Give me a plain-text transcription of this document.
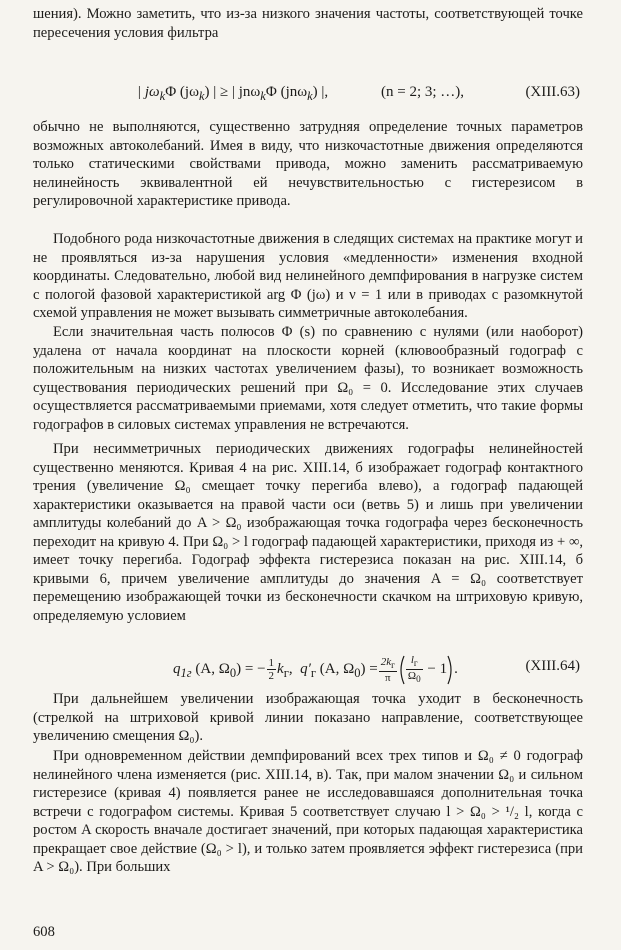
шения). Можно заметить, что из-за низкого значения частоты, соответствующей точке пересечения условия фильтра

| $j\omega_k\Phi$ $(j\omega_k)$ | ≥ | jnω$_k$Φ (jnω$_k$) |,	(n = 2; 3; …),	(XIII.63)

обычно не выполняются, существенно затрудняя определение точных параметров возможных автоколебаний. Имея в виду, что низкочастотные движения определяются только статическими свойствами привода, можно заменить рассматриваемую нелинейность эквивалентной ей нечувствительностью с гистерезисом в регулировочной характеристике привода.

Подобного рода низкочастотные движения в следящих системах на практике могут и не проявляться из-за нарушения условия «медленности» изменения входной координаты. Следовательно, любой вид нелинейного демпфирования в нагрузке систем с пологой фазовой характеристикой arg Φ (jω) и ν = 1 или в приводах с разомкнутой схемой управления не может вызывать симметричные автоколебания.

Если значительная часть полюсов Φ (s) по сравнению с нулями (или наоборот) удалена от начала координат на плоскости корней (клювообразный годограф с положительным на низких частотах увеличением фазы), то возникает возможность существования периодических решений при Ω₀ = 0. Исследование этих случаев осуществляется рассматриваемыми приемами, хотя следует отметить, что такие формы годографов в силовых системах управления не встречаются.

При несимметричных периодических движениях годографы нелинейностей существенно меняются. Кривая 4 на рис. XIII.14, б изображает годограф контактного трения (увеличение Ω₀ смещает точку перегиба влево), а годограф падающей характеристики оказывается на правой части оси (ветвь 5) и лишь при увеличении амплитуды колебаний до A > Ω₀ изображающая точка годографа через бесконечность переходит на кривую 4. При Ω₀ > l годограф падающей характеристики, приходя из + ∞, имеет точку перегиба. Годограф эффекта гистерезиса показан на рис. XIII.14, б кривыми 6, причем увеличение амплитуды до значения A = Ω₀ соответствует перемещению изображающей точки из бесконечности скачком на штриховую кривую, определяемую условием

$q_{1г}$ (A, $\Omega_0$) = − $\frac{1}{2} k_г$, $q'_г$ (A, $\Omega_0) = \frac{2k_г}{\pi} \frac{l_г}{\Omega_0} - 1$ .	(XIII.64)

При дальнейшем увеличении изображающая точка уходит в бесконечность (стрелкой на штриховой кривой линии показано направление, соответствующее увеличению смещения Ω₀).

При одновременном действии демпфирований всех трех типов и Ω₀ ≠ 0 годограф нелинейного члена изменяется (рис. XIII.14, в). Так, при малом значении Ω₀ и сильном гистерезисе (кривая 4) появляется ранее не исследовавшаяся дополнительная точка встречи с годографом системы. Кривая 5 соответствует случаю l > Ω₀ > ¹/₂ l, когда с ростом A скорость вначале достигает значений, при которых падающая характеристика прекращает свое действие (Ω₀ > l), и только затем проявляется эффект гистерезиса (при A > Ω₀). При больших

608
